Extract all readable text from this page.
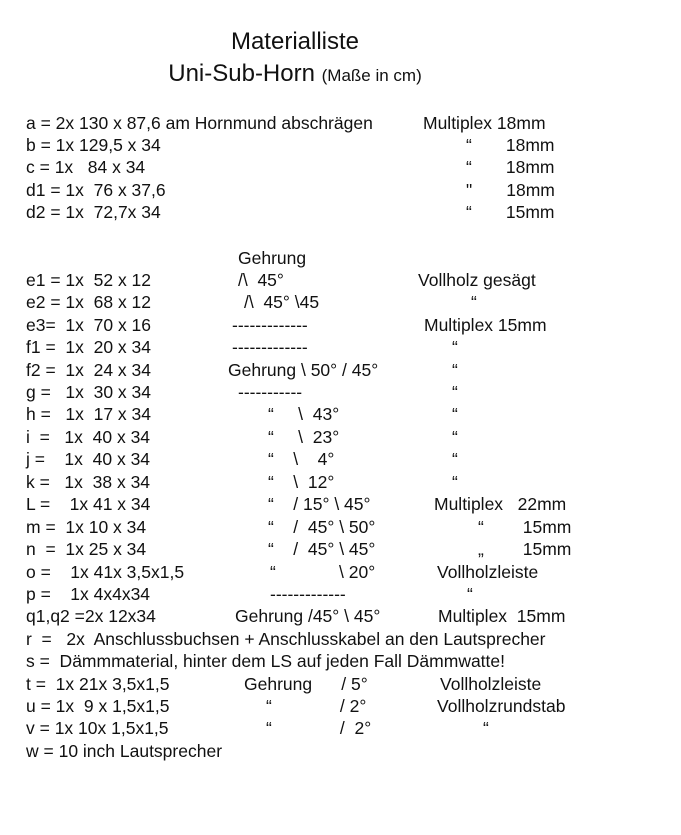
Materialliste
Uni-Sub-Horn (Maße in cm)
Gehrung
a = 2x 130 x 87,6 am Hornmund abschrägen	Multiplex 18mm
b = 1x 129,5 x 34	“       18mm
c = 1x   84 x 34	“       18mm
d1 = 1x  76 x 37,6	"       18mm
d2 = 1x  72,7x 34	“       15mm
e1 = 1x  52 x 12	/\  45°	Vollholz gesägt
e2 = 1x  68 x 12	/\  45° \45	“
e3=  1x  70 x 16	-------------	Multiplex 15mm
f1 =  1x  20 x 34	-------------	“
f2 =  1x  24 x 34	Gehrung \ 50° / 45°	“
g =   1x  30 x 34	-----------	“
h =   1x  17 x 34	“     \  43°	“
i  =   1x  40 x 34	“     \  23°	“
j =    1x  40 x 34	“    \    4°	“
k =   1x  38 x 34	“    \  12°	“
L =    1x 41 x 34	“    / 15° \ 45°	Multiplex   22mm
m =  1x 10 x 34	“    /  45° \ 50°	“        15mm
n  =  1x 25 x 34	“    /  45° \ 45°	„        15mm
o =    1x 41x 3,5x1,5	“             \ 20°	Vollholzleiste
p =    1x 4x4x34	-------------	“
q1,q2 =2x 12x34	Gehrung /45° \ 45°	Multiplex  15mm
r  =   2x  Anschlussbuchsen + Anschlusskabel an den Lautsprecher
s =  Dämmmaterial, hinter dem LS auf jeden Fall Dämmwatte!
t =  1x 21x 3,5x1,5	Gehrung      / 5°	Vollholzleiste
u = 1x  9 x 1,5x1,5	“              / 2°	Vollholzrundstab
v = 1x 10x 1,5x1,5	“              /  2°	“
w = 10 inch Lautsprecher
